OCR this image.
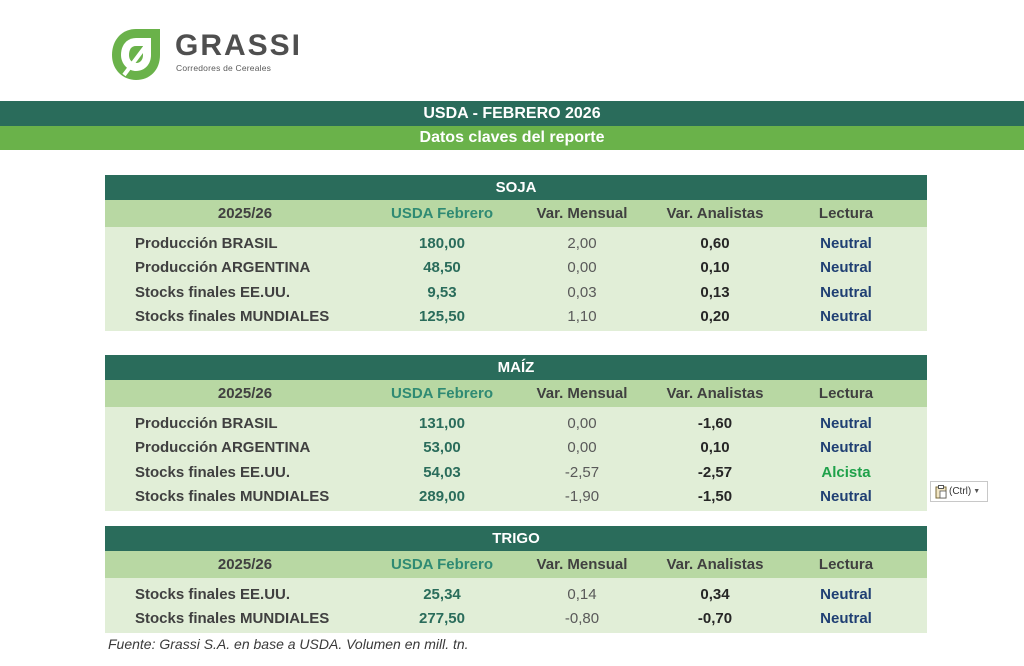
GRASSI
Corredores de Cereales
USDA - FEBRERO 2026
Datos claves del reporte
SOJA
2025/26	USDA Febrero	Var. Mensual	Var. Analistas	Lectura
Producción BRASIL	180,00	2,00	0,60	Neutral
Producción ARGENTINA	48,50	0,00	0,10	Neutral
Stocks finales EE.UU.	9,53	0,03	0,13	Neutral
Stocks finales MUNDIALES	125,50	1,10	0,20	Neutral
MAÍZ
2025/26	USDA Febrero	Var. Mensual	Var. Analistas	Lectura
Producción BRASIL	131,00	0,00	-1,60	Neutral
Producción ARGENTINA	53,00	0,00	0,10	Neutral
Stocks finales EE.UU.	54,03	-2,57	-2,57	Alcista
Stocks finales MUNDIALES	289,00	-1,90	-1,50	Neutral	(Ctrl) ▼
TRIGO
2025/26	USDA Febrero	Var. Mensual	Var. Analistas	Lectura
Stocks finales EE.UU.	25,34	0,14	0,34	Neutral
Stocks finales MUNDIALES	277,50	-0,80	-0,70	Neutral
Fuente: Grassi S.A. en base a USDA. Volumen en mill. tn.
